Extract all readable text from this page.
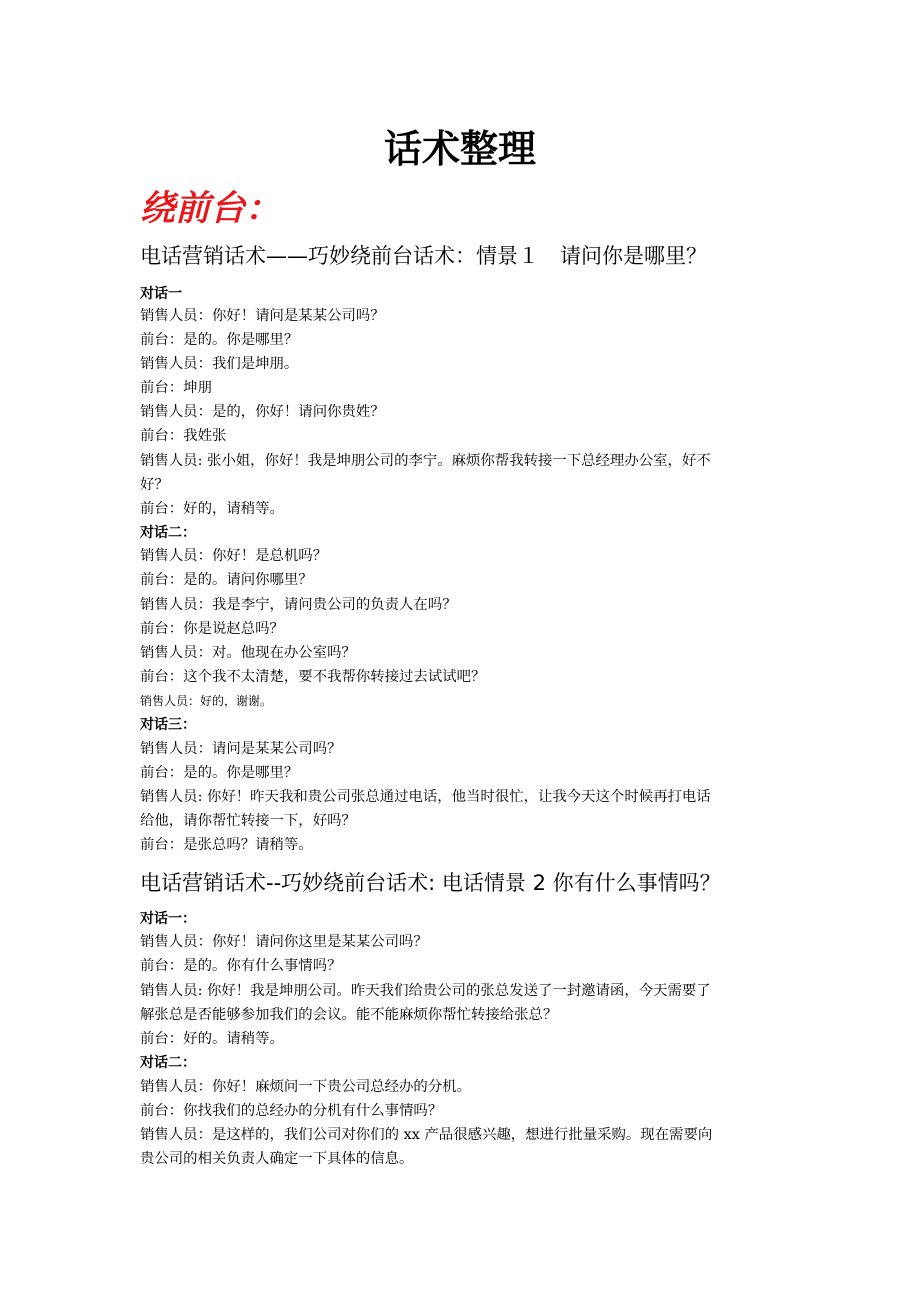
话术整理
绕前台：
电话营销话术——巧妙绕前台话术：情景１　请问你是哪里？
对话一
销售人员：你好！请问是某某公司吗？
前台：是的。你是哪里？
销售人员：我们是坤朋。
前台：坤朋
销售人员：是的，你好！请问你贵姓？
前台：我姓张
销售人员: 张小姐，你好！我是坤朋公司的李宁。麻烦你帮我转接一下总经理办公室，好不
好？
前台：好的，请稍等。
对话二：
销售人员：你好！是总机吗？
前台：是的。请问你哪里？
销售人员：我是李宁，请问贵公司的负责人在吗？
前台：你是说赵总吗？
销售人员：对。他现在办公室吗？
前台：这个我不太清楚，要不我帮你转接过去试试吧？
销售人员：好的，谢谢。
对话三：
销售人员：请问是某某公司吗？
前台：是的。你是哪里？
销售人员: 你好！昨天我和贵公司张总通过电话，他当时很忙，让我今天这个时候再打电话
给他，请你帮忙转接一下，好吗？
前台：是张总吗？请稍等。
电话营销话术--巧妙绕前台话术: 电话情景 2 你有什么事情吗？
对话一：
销售人员：你好！请问你这里是某某公司吗？
前台：是的。你有什么事情吗？
销售人员: 你好！我是坤朋公司。昨天我们给贵公司的张总发送了一封邀请函，今天需要了
解张总是否能够参加我们的会议。能不能麻烦你帮忙转接给张总？
前台：好的。请稍等。
对话二：
销售人员：你好！麻烦问一下贵公司总经办的分机。
前台：你找我们的总经办的分机有什么事情吗？
销售人员：是这样的，我们公司对你们的 xx 产品很感兴趣，想进行批量采购。现在需要向
贵公司的相关负责人确定一下具体的信息。
